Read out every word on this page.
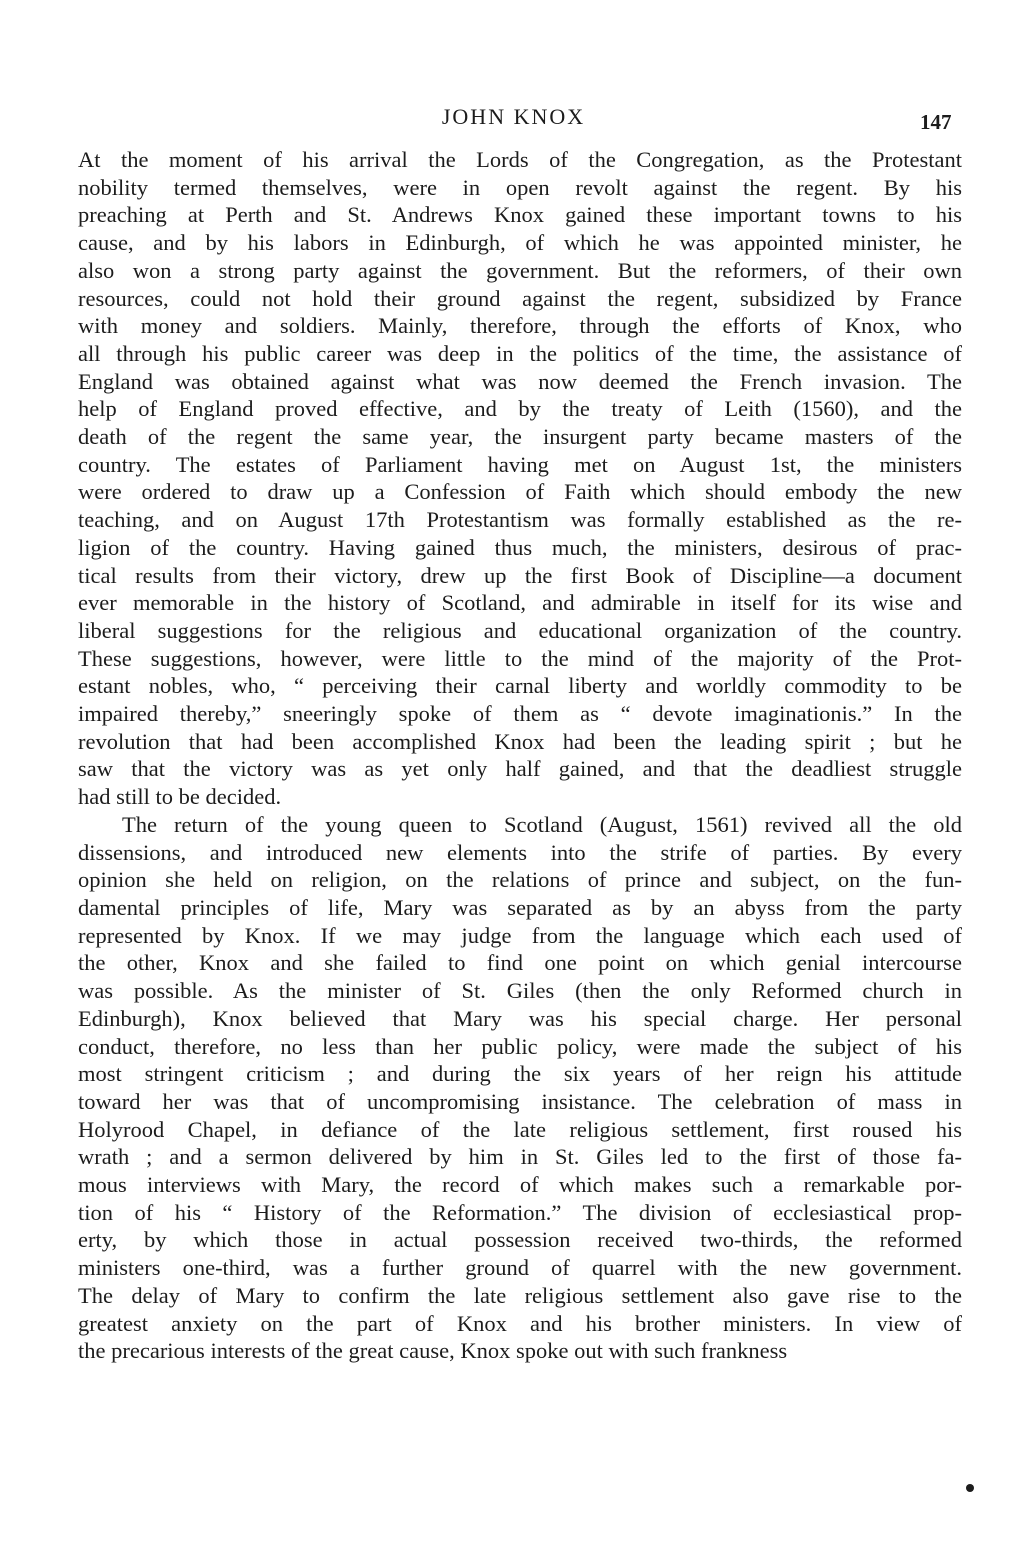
JOHN KNOX	147

At the moment of his arrival the Lords of the Congregation, as the Protestant
nobility termed themselves, were in open revolt against the regent. By his
preaching at Perth and St. Andrews Knox gained these important towns to his
cause, and by his labors in Edinburgh, of which he was appointed minister, he
also won a strong party against the government. But the reformers, of their own
resources, could not hold their ground against the regent, subsidized by France
with money and soldiers. Mainly, therefore, through the efforts of Knox, who
all through his public career was deep in the politics of the time, the assistance of
England was obtained against what was now deemed the French invasion. The
help of England proved effective, and by the treaty of Leith (1560), and the
death of the regent the same year, the insurgent party became masters of the
country. The estates of Parliament having met on August 1st, the ministers
were ordered to draw up a Confession of Faith which should embody the new
teaching, and on August 17th Protestantism was formally established as the re-
ligion of the country. Having gained thus much, the ministers, desirous of prac-
tical results from their victory, drew up the first Book of Discipline—a document
ever memorable in the history of Scotland, and admirable in itself for its wise and
liberal suggestions for the religious and educational organization of the country.
These suggestions, however, were little to the mind of the majority of the Prot-
estant nobles, who, “ perceiving their carnal liberty and worldly commodity to be
impaired thereby,” sneeringly spoke of them as “ devote imaginationis.” In the
revolution that had been accomplished Knox had been the leading spirit ; but he
saw that the victory was as yet only half gained, and that the deadliest struggle
had still to be decided.

The return of the young queen to Scotland (August, 1561) revived all the old
dissensions, and introduced new elements into the strife of parties. By every
opinion she held on religion, on the relations of prince and subject, on the fun-
damental principles of life, Mary was separated as by an abyss from the party
represented by Knox. If we may judge from the language which each used of
the other, Knox and she failed to find one point on which genial intercourse
was possible. As the minister of St. Giles (then the only Reformed church in
Edinburgh), Knox believed that Mary was his special charge. Her personal
conduct, therefore, no less than her public policy, were made the subject of his
most stringent criticism ; and during the six years of her reign his attitude
toward her was that of uncompromising insistance. The celebration of mass in
Holyrood Chapel, in defiance of the late religious settlement, first roused his
wrath ; and a sermon delivered by him in St. Giles led to the first of those fa-
mous interviews with Mary, the record of which makes such a remarkable por-
tion of his “ History of the Reformation.” The division of ecclesiastical prop-
erty, by which those in actual possession received two-thirds, the reformed
ministers one-third, was a further ground of quarrel with the new government.
The delay of Mary to confirm the late religious settlement also gave rise to the
greatest anxiety on the part of Knox and his brother ministers. In view of
the precarious interests of the great cause, Knox spoke out with such frankness
